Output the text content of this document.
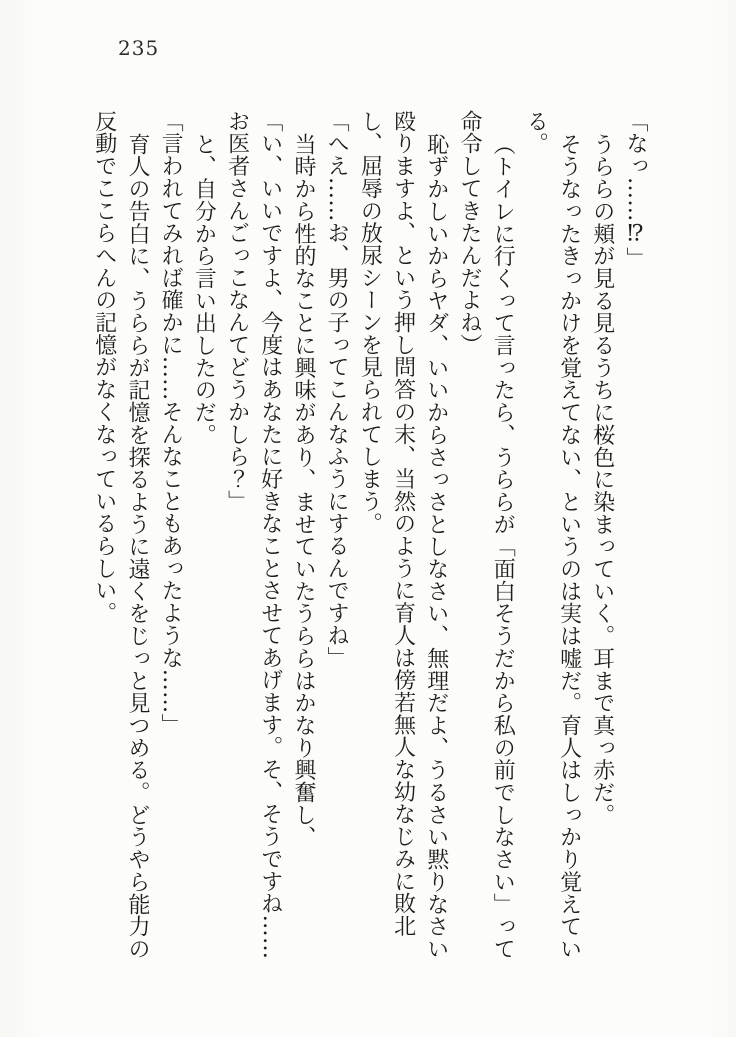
235

「なっ……⁉」

うららの頬が見る見るうちに桜色に染まっていく。耳まで真っ赤だ。

そうなったきっかけを覚えてない、というのは実は嘘だ。育人はしっかり覚えている。

（トイレに行くって言ったら、うららが「面白そうだから私の前でしなさい」って命令してきたんだよね）

恥ずかしいからヤダ、いいからさっさとしなさい、無理だよ、うるさい黙りなさい殴りますよ、という押し問答の末、当然のように育人は傍若無人な幼なじみに敗北し、屈辱の放尿シーンを見られてしまう。

「へえ……お、男の子ってこんなふうにするんですね」

当時から性的なことに興味があり、ませていたうららはかなり興奮し、

「い、いいですよ、今度はあなたに好きなことさせてあげます。そ、そうですね……お医者さんごっこなんてどうかしら？」

と、自分から言い出したのだ。

「言われてみれば確かに……そんなこともあったような……」

育人の告白に、うららが記憶を探るように遠くをじっと見つめる。どうやら能力の反動でここらへんの記憶がなくなっているらしい。
